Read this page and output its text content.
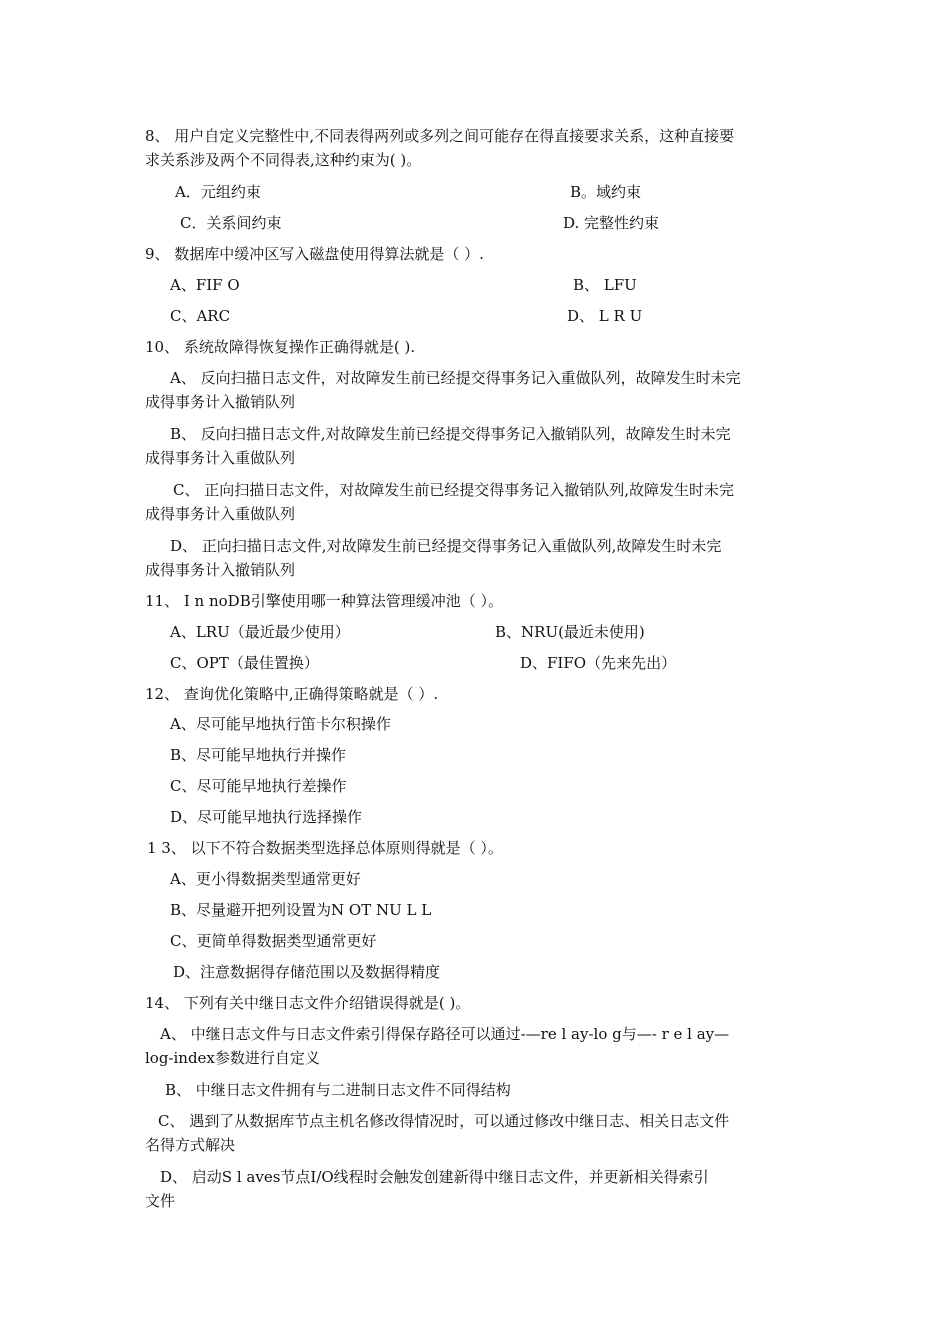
8、 用户自定义完整性中,不同表得两列或多列之间可能存在得直接要求关系，这种直接要
求关系涉及两个不同得表,这种约束为( )。
A．元组约束	B。域约束
C．关系间约束	D. 完整性约束
9、 数据库中缓冲区写入磁盘使用得算法就是（ ）.
A、FIF O	B、 LFU
C、ARC	D、 L R U
10、 系统故障得恢复操作正确得就是( ).
A、 反向扫描日志文件，对故障发生前已经提交得事务记入重做队列，故障发生时未完
成得事务计入撤销队列
B、 反向扫描日志文件,对故障发生前已经提交得事务记入撤销队列，故障发生时未完
成得事务计入重做队列
C、 正向扫描日志文件，对故障发生前已经提交得事务记入撤销队列,故障发生时未完
成得事务计入重做队列
D、 正向扫描日志文件,对故障发生前已经提交得事务记入重做队列,故障发生时未完
成得事务计入撤销队列
11、 I n noDB引擎使用哪一种算法管理缓冲池（ ）。
A、LRU（最近最少使用）	B、NRU(最近未使用)
C、OPT（最佳置换）	D、FIFO（先来先出）
12、 查询优化策略中,正确得策略就是（ ）.
A、尽可能早地执行笛卡尔积操作
B、尽可能早地执行并操作
C、尽可能早地执行差操作
D、尽可能早地执行选择操作
1 3、 以下不符合数据类型选择总体原则得就是（ ）。
A、更小得数据类型通常更好
B、尽量避开把列设置为N OT NU L L
C、更简单得数据类型通常更好
D、注意数据得存储范围以及数据得精度
14、 下列有关中继日志文件介绍错误得就是( )。
A、 中继日志文件与日志文件索引得保存路径可以通过-—re l ay-lo g与—- r e l ay—
log-index参数进行自定义
B、 中继日志文件拥有与二进制日志文件不同得结构
C、 遇到了从数据库节点主机名修改得情况时，可以通过修改中继日志、相关日志文件
名得方式解决
D、 启动S l aves节点I/O线程时会触发创建新得中继日志文件，并更新相关得索引
文件
